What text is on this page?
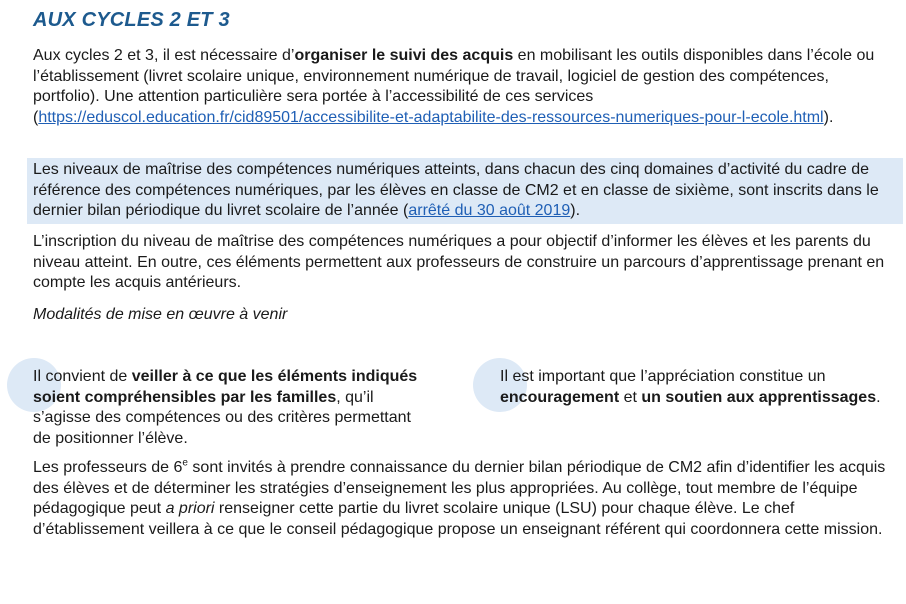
AUX CYCLES 2 ET 3
Aux cycles 2 et 3, il est nécessaire d’organiser le suivi des acquis en mobilisant les outils disponibles dans l’école ou l’établissement (livret scolaire unique, environnement numérique de travail, logiciel de gestion des compétences, portfolio). Une attention particulière sera portée à l’accessibilité de ces services (https://eduscol.education.fr/cid89501/accessibilite-et-adaptabilite-des-ressources-numeriques-pour-l-ecole.html).
Les niveaux de maîtrise des compétences numériques atteints, dans chacun des cinq domaines d’activité du cadre de référence des compétences numériques, par les élèves en classe de CM2 et en classe de sixième, sont inscrits dans le dernier bilan périodique du livret scolaire de l’année (arrêté du 30 août 2019).
L’inscription du niveau de maîtrise des compétences numériques a pour objectif d’informer les élèves et les parents du niveau atteint. En outre, ces éléments permettent aux professeurs de construire un parcours d’apprentissage prenant en compte les acquis antérieurs.
Modalités de mise en œuvre à venir
Il convient de veiller à ce que les éléments indiqués soient compréhensibles par les familles, qu’il s’agisse des compétences ou des critères permettant de positionner l’élève.
Il est important que l’appréciation constitue un encouragement et un soutien aux apprentissages.
Les professeurs de 6e sont invités à prendre connaissance du dernier bilan périodique de CM2 afin d’identifier les acquis des élèves et de déterminer les stratégies d’enseignement les plus appropriées. Au collège, tout membre de l’équipe pédagogique peut a priori renseigner cette partie du livret scolaire unique (LSU) pour chaque élève. Le chef d’établissement veillera à ce que le conseil pédagogique propose un enseignant référent qui coordonnera cette mission.
